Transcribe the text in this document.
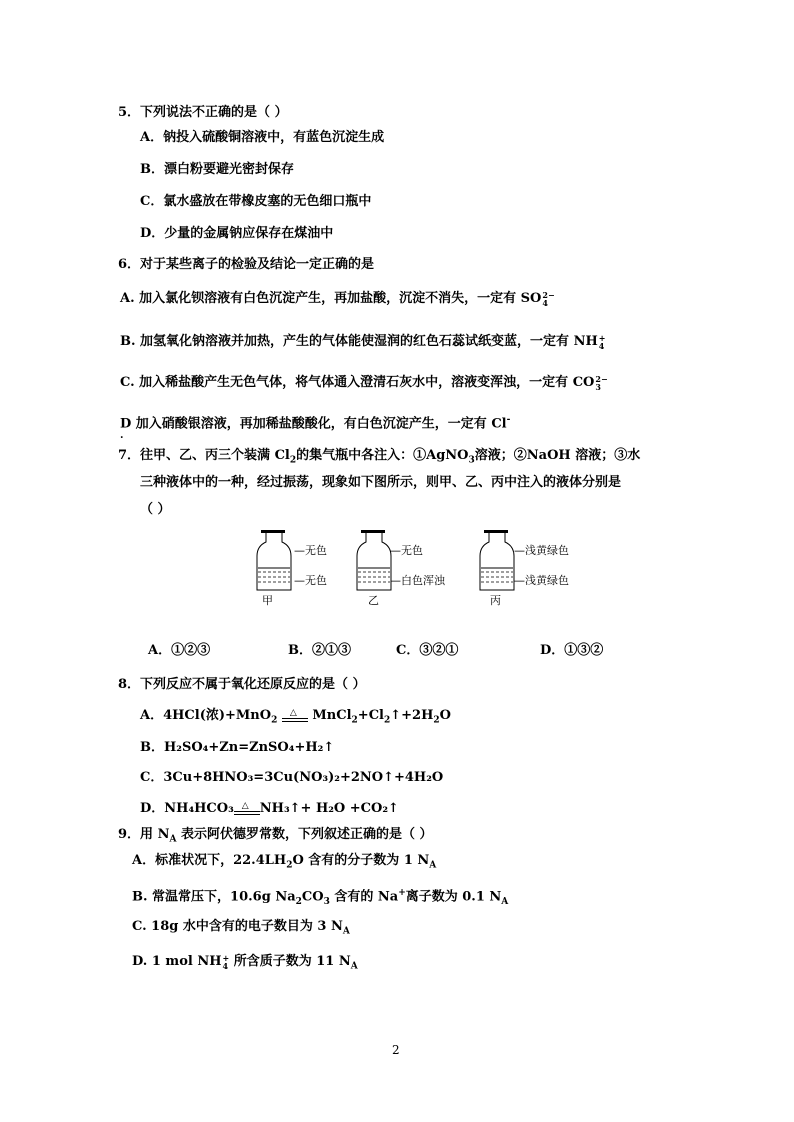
5．下列说法不正确的是（ ）
A．钠投入硫酸铜溶液中，有蓝色沉淀生成
B．漂白粉要避光密封保存
C．氯水盛放在带橡皮塞的无色细口瓶中
D．少量的金属钠应保存在煤油中
6．对于某些离子的检验及结论一定正确的是
A. 加入氯化钡溶液有白色沉淀产生，再加盐酸，沉淀不消失，一定有 SO 2−
4
B. 加氢氧化钠溶液并加热，产生的气体能使湿润的红色石蕊试纸变蓝，一定有 NH +
4
C. 加入稀盐酸产生无色气体，将气体通入澄清石灰水中，溶液变浑浊，一定有 CO 2−
3
D 加入硝酸银溶液，再加稀盐酸酸化，有白色沉淀产生，一定有 Cl-
.
7．往甲、乙、丙三个装满 $Cl_2$的集气瓶中各注入：①AgNO$_3$溶液；②NaOH 溶液；③水
三种液体中的一种，经过振荡，现象如下图所示，则甲、乙、丙中注入的液体分别是
（ ）
—无色
—无色
甲
—无色
—白色浑浊
乙
—浅黄绿色
—浅黄绿色
丙
A．①②③	B．②①③	C．③②①	D．①③②
8．下列反应不属于氧化还原反应的是（ ）
A．4HCl(浓)+MnO$_2$
△ $MnCl_2+Cl_2↑+2H_2O$
B．H₂SO₄+Zn=ZnSO₄+H₂↑
C．3Cu+8HNO₃=3Cu(NO₃)₂+2NO↑+4H₂O
D．NH₄HCO₃ △ NH₃↑+ H₂O +CO₂↑
9．用 $N_A$ 表示阿伏德罗常数，下列叙述正确的是（ ）
A．标准状况下，$22.4LH_2O$ 含有的分子数为 1 $N_A$
B. 常温常压下，10.6g $Na_2CO_3$ 含有的 Na+离子数为 0.1 $N_A$
C. 18g 水中含有的电子数目为 3 $N_A$
D. 1 mol NH +
4 所含质子数为 11 $N_A$
2
